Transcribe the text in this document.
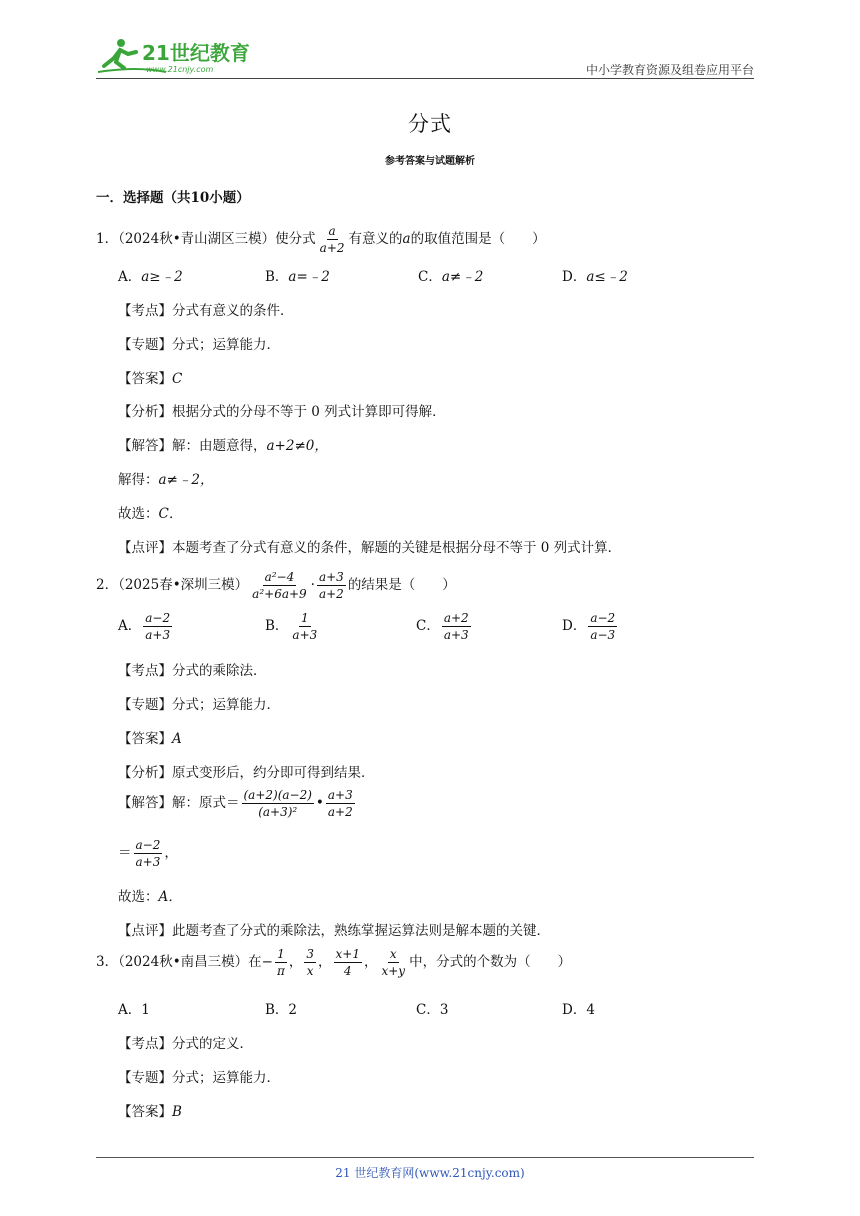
21世纪教育
www.21cnjy.com	中小学教育资源及组卷应用平台
分式
参考答案与试题解析
一．选择题（共10小题）
1．（2024秋•青山湖区三模）使分式 $\frac{a}{a+2}$ 有意义的a的取值范围是（　　）
A．a≥﹣2	B．a=﹣2	C．a≠﹣2	D．a≤﹣2
【考点】分式有意义的条件．
【专题】分式；运算能力．
【答案】C
【分析】根据分式的分母不等于 0 列式计算即可得解．
【解答】解：由题意得，a+2≠0，
解得：a≠﹣2，
故选：C．
【点评】本题考查了分式有意义的条件，解题的关键是根据分母不等于 0 列式计算．
2．（2025春•深圳三模） $\frac{\text{a²−4}}{\text{a²+6a+9}} \cdot \frac{a+3}{a+2}$ 的结果是（　　）
A． $\frac{a-2}{a+3}$	B． $\frac{1}{a+3}$	C． $\frac{a+2}{a+3}$	D． $\frac{a-2}{a-3}$
【考点】分式的乘除法．
【专题】分式；运算能力．
【答案】A
【分析】原式变形后，约分即可得到结果．
【解答】解：原式＝ $\frac{(a+2)(a-2)}{\text{(a+3)²}}$ • $\frac{a+3}{a+2}$
＝ $\frac{a-2}{a+3}$ ，
故选：A．
【点评】此题考查了分式的乘除法，熟练掌握运算法则是解本题的关键．
3．（2024秋•南昌三模）在− $\frac{1}{\pi}$ ， $\frac{3}{x}$ ， $\frac{x+1}{4}$ ， $\frac{x}{x+y}$ 中，分式的个数为（　　）
A．1	B．2	C．3	D．4
【考点】分式的定义．
【专题】分式；运算能力．
【答案】B
21 世纪教育网(www.21cnjy.com)
